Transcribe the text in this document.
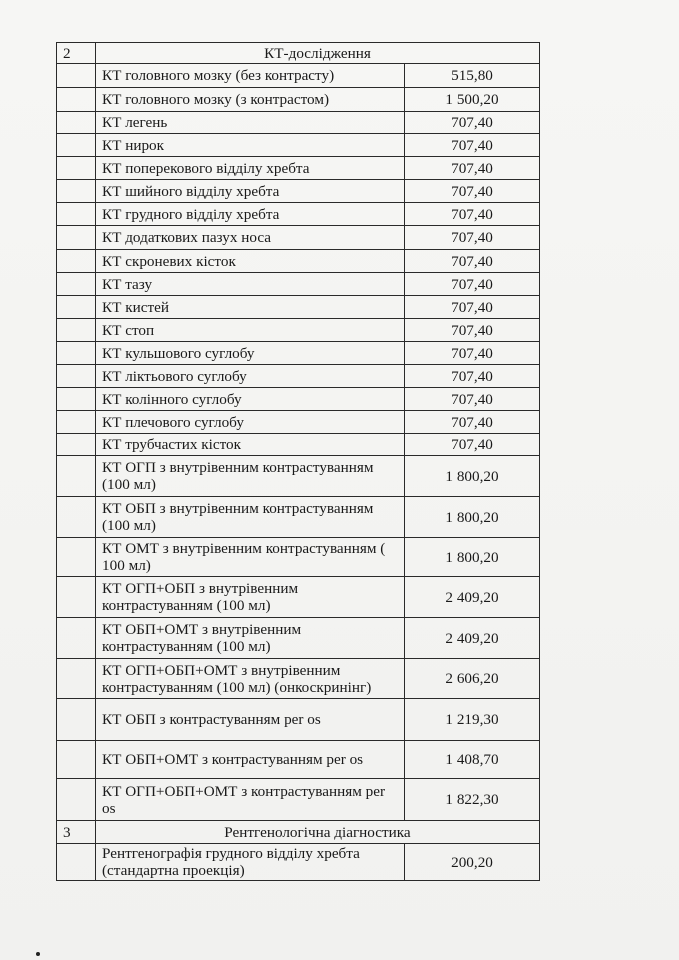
2	КТ-дослідження	
	КТ головного мозку (без контрасту)	515,80
	КТ головного мозку (з контрастом)	1 500,20
	КТ легень	707,40
	КТ нирок	707,40
	КТ поперекового відділу хребта	707,40
	КТ шийного відділу хребта	707,40
	КТ грудного відділу хребта	707,40
	КТ додаткових пазух носа	707,40
	КТ скроневих кісток	707,40
	КТ тазу	707,40
	КТ кистей	707,40
	КТ стоп	707,40
	КТ кульшового суглобу	707,40
	КТ ліктьового суглобу	707,40
	КТ колінного суглобу	707,40
	КТ плечового суглобу	707,40
	КТ трубчастих кісток	707,40
	КТ ОГП з внутрівенним контрастуванням (100 мл)	1 800,20
	КТ ОБП з внутрівенним контрастуванням (100 мл)	1 800,20
	КТ ОМТ з внутрівенним контрастуванням ( 100 мл)	1 800,20
	КТ ОГП+ОБП з внутрівенним контрастуванням (100 мл)	2 409,20
	КТ ОБП+ОМТ з внутрівенним контрастуванням (100 мл)	2 409,20
	КТ ОГП+ОБП+ОМТ з внутрівенним контрастуванням (100 мл) (онкоскринінг)	2 606,20
	КТ ОБП з контрастуванням per os	1 219,30
	КТ ОБП+ОМТ з контрастуванням per os	1 408,70
	КТ ОГП+ОБП+ОМТ з контрастуванням per os	1 822,30
3	Рентгенологічна діагностика	
	Рентгенографія грудного відділу хребта (стандартна проекція)	200,20
